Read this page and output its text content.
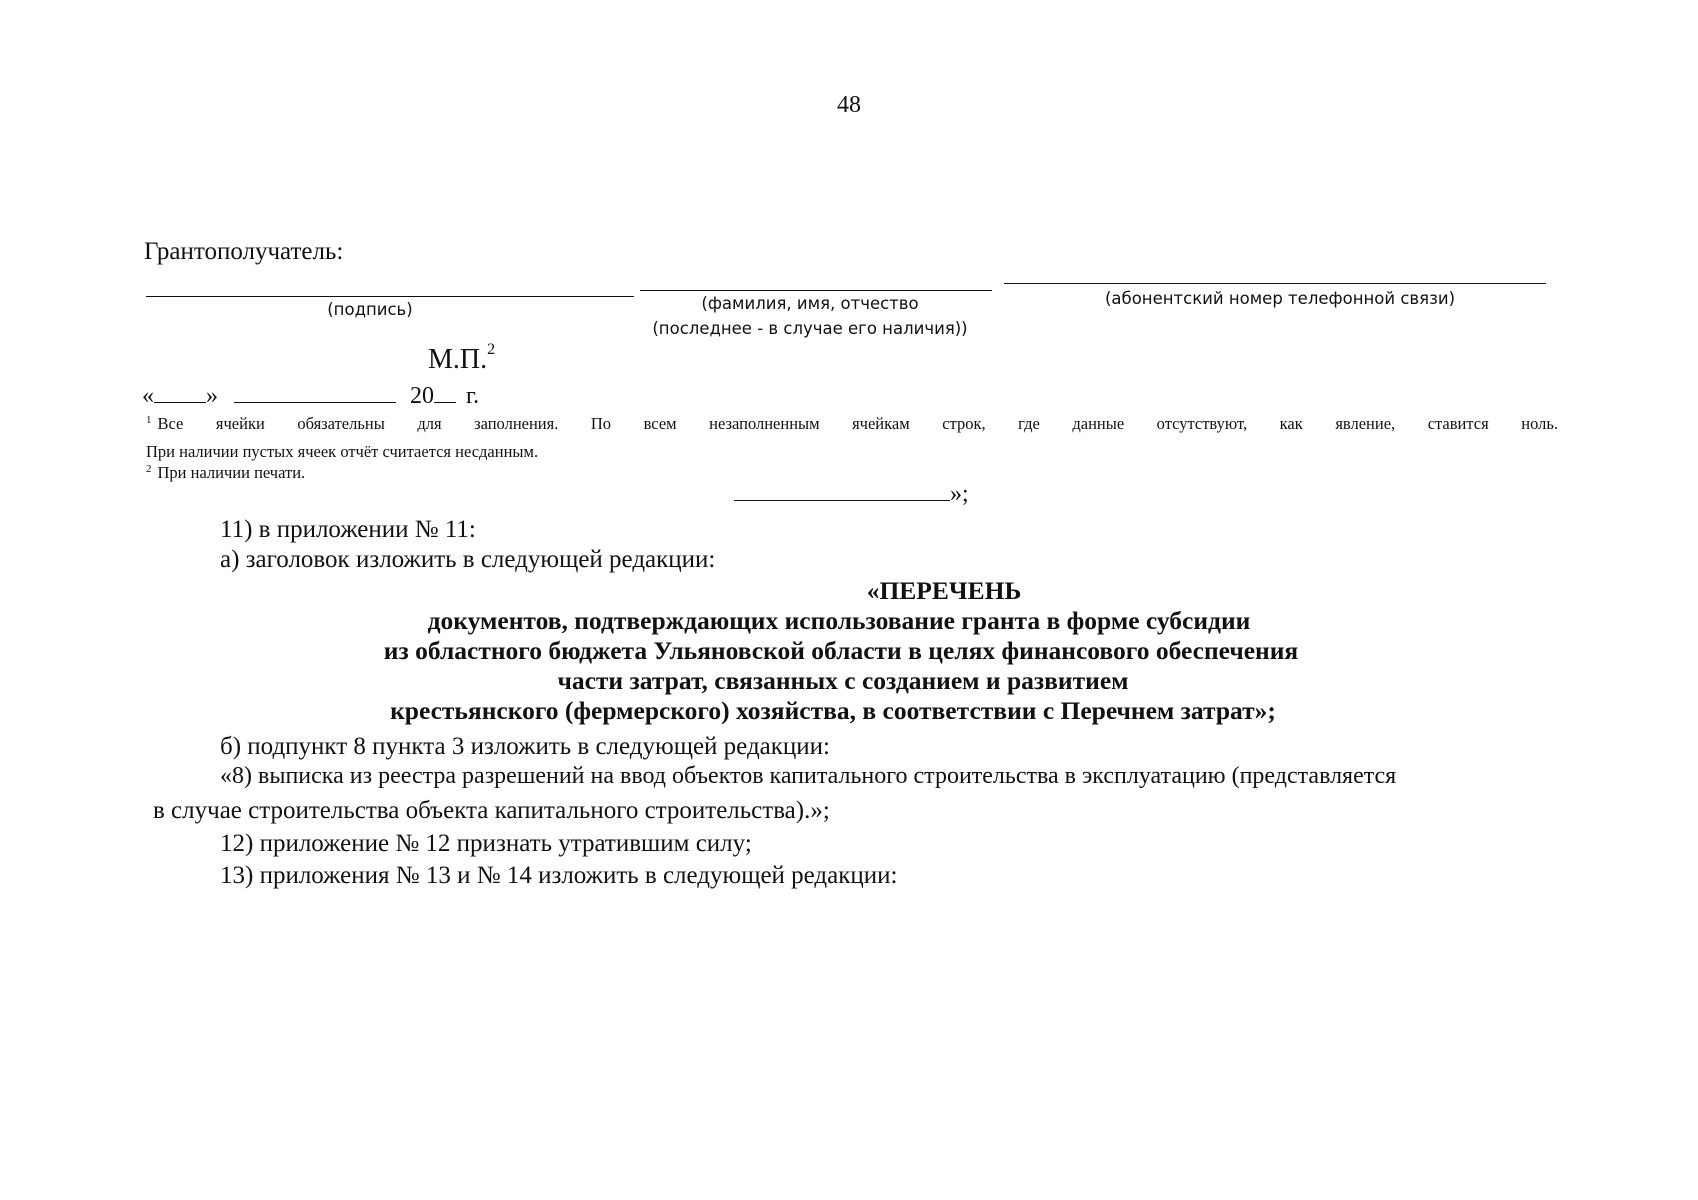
48
Грантополучатель:
(подпись)	(фамилия, имя, отчество
(последнее - в случае его наличия))
(абонентский номер телефонной связи)
М.П.$^2$
« »	20 г.
$^1$ Все ячейки обязательны для заполнения. По всем незаполненным ячейкам строк, где данные отсутствуют, как явление, ставится ноль.
При наличии пустых ячеек отчёт считается несданным.
$^2$ При наличии печати.
»;
11) в приложении № 11:
а) заголовок изложить в следующей редакции:
«ПЕРЕЧЕНЬ
документов, подтверждающих использование гранта в форме субсидии
из областного бюджета Ульяновской области в целях финансового обеспечения
части затрат, связанных с созданием и развитием
крестьянского (фермерского) хозяйства, в соответствии с Перечнем затрат»;
б) подпункт 8 пункта 3 изложить в следующей редакции:
«8) выписка из реестра разрешений на ввод объектов капитального строительства в эксплуатацию (представляется
в случае строительства объекта капитального строительства).»;
12) приложение № 12 признать утратившим силу;
13) приложения № 13 и № 14 изложить в следующей редакции:
